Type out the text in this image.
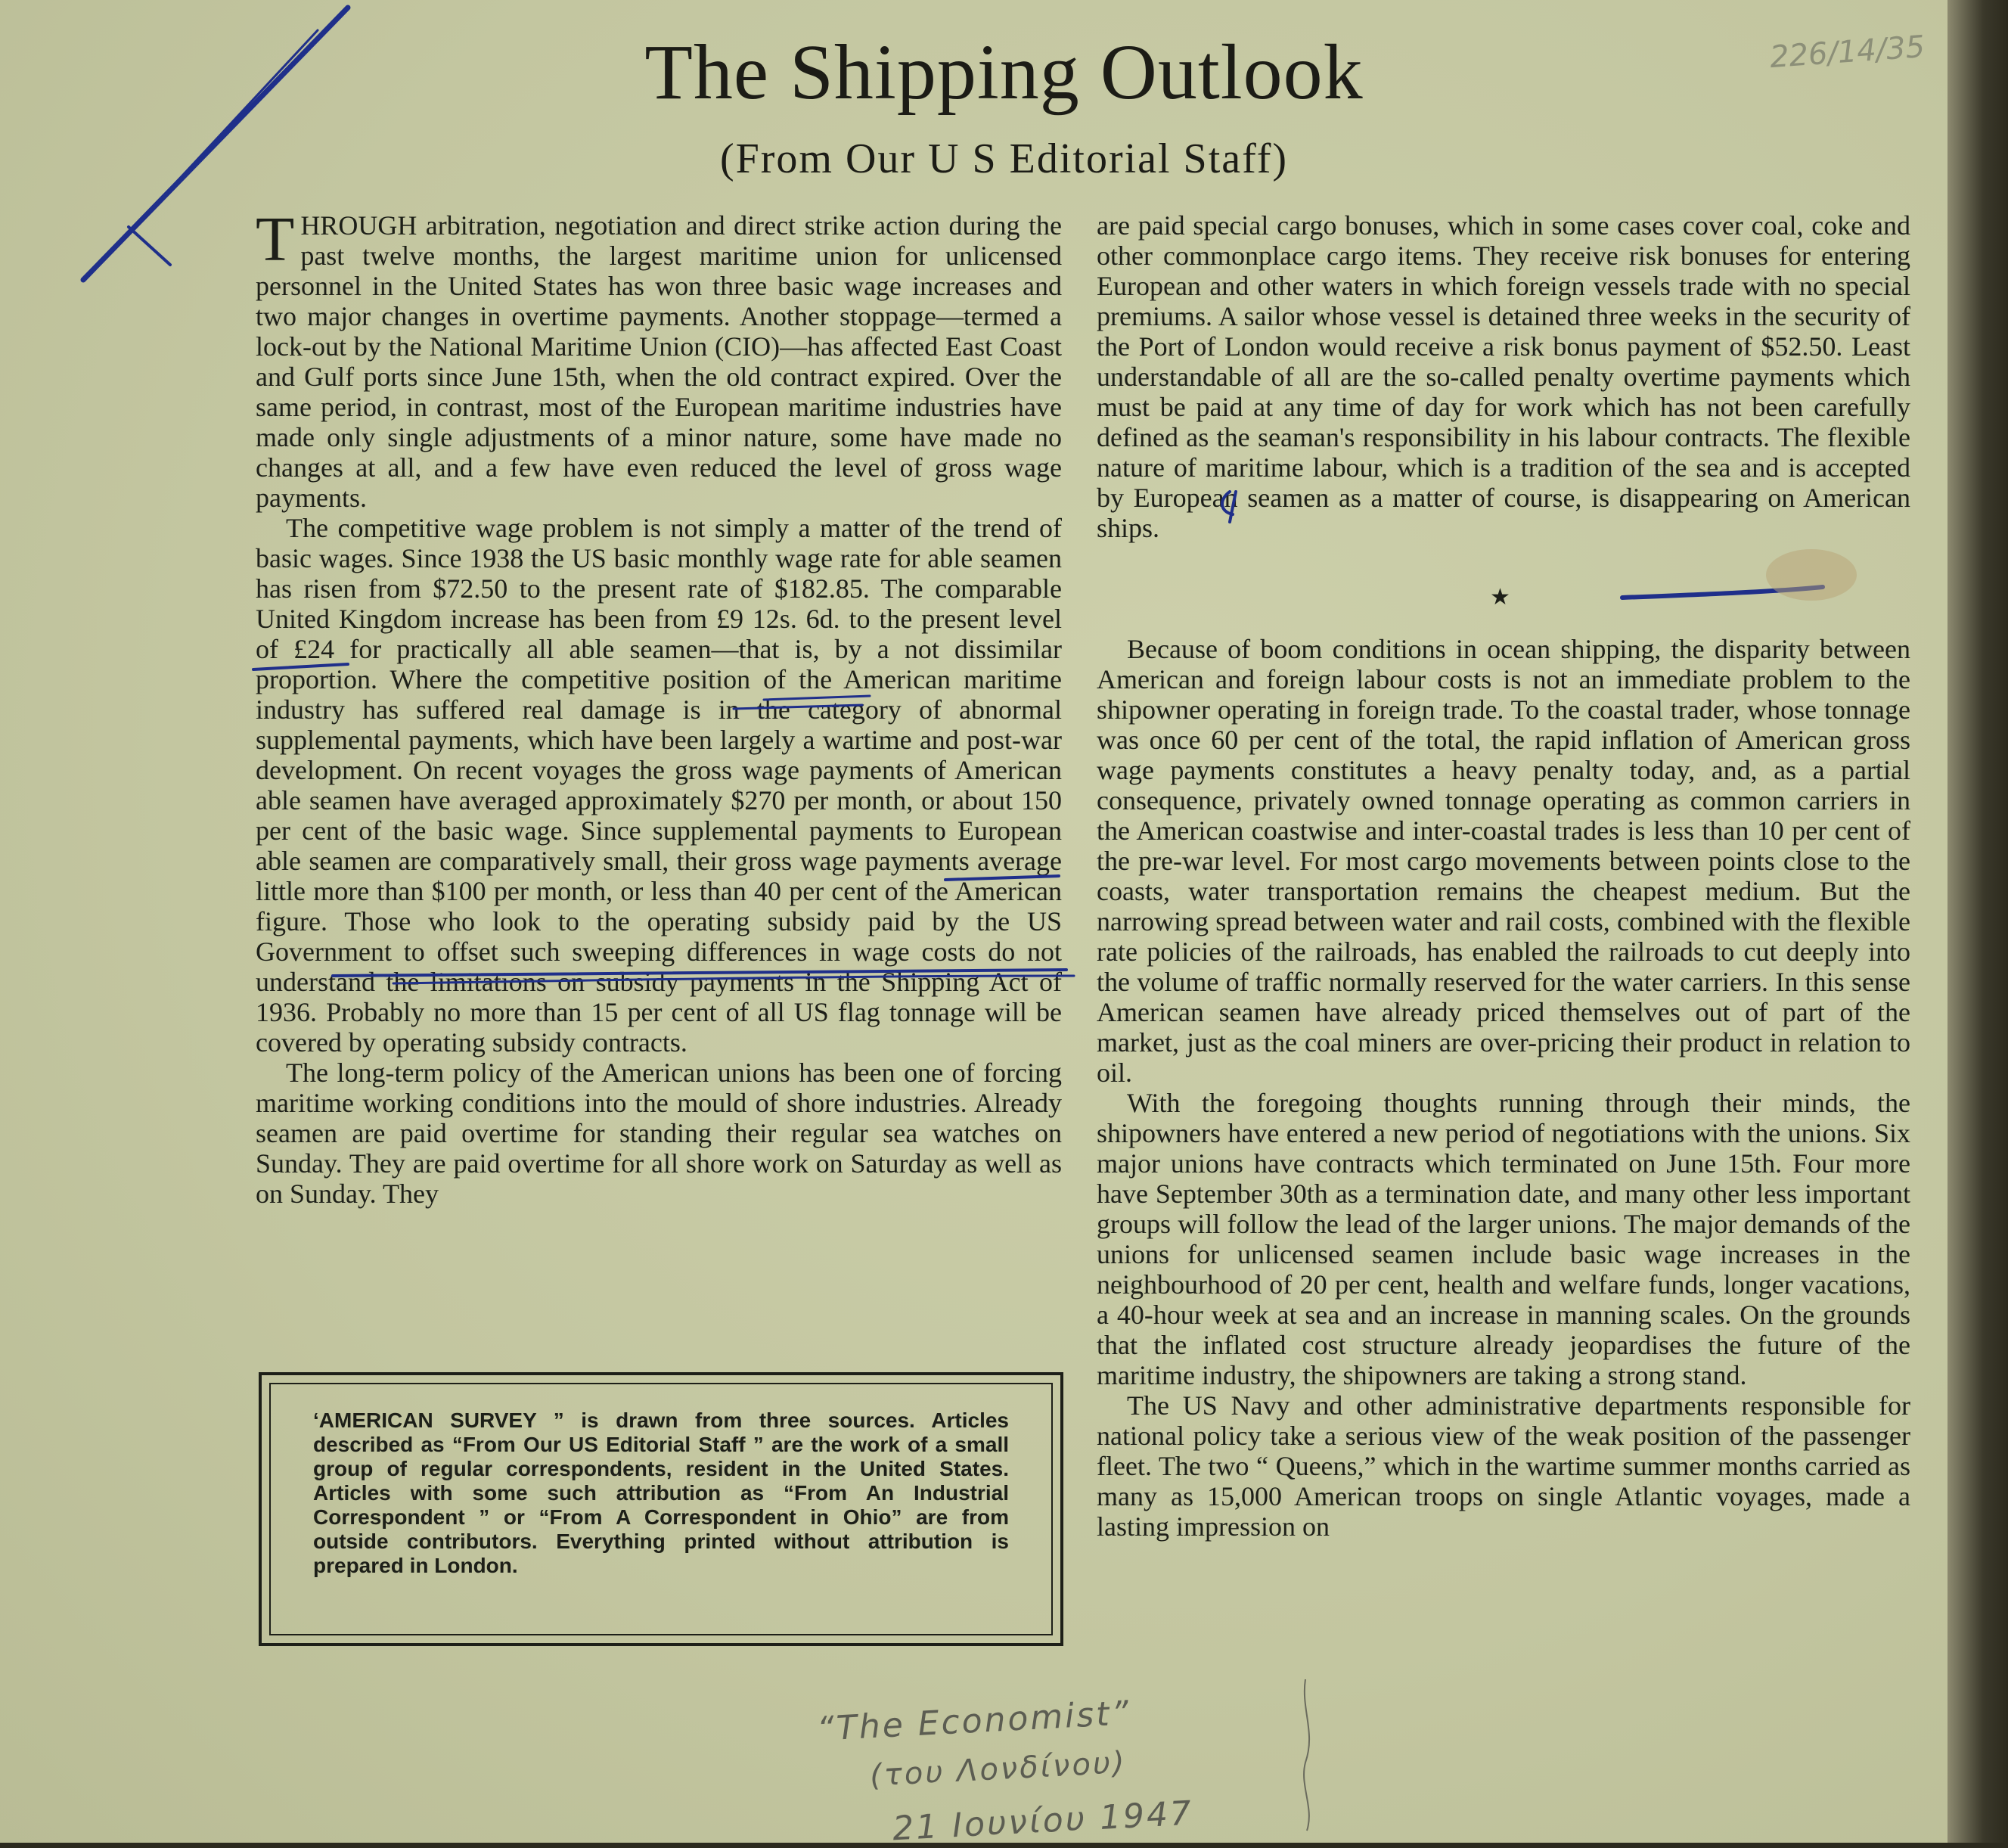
226/14/35
The Shipping Outlook
(From Our U S Editorial Staff)

THROUGH arbitration, negotiation and direct strike action during the past twelve months, the largest maritime union for unlicensed personnel in the United States has won three basic wage increases and two major changes in overtime payments. Another stoppage—termed a lock-out by the National Maritime Union (CIO)—has affected East Coast and Gulf ports since June 15th, when the old contract expired. Over the same period, in contrast, most of the European maritime industries have made only single adjustments of a minor nature, some have made no changes at all, and a few have even reduced the level of gross wage payments.

The competitive wage problem is not simply a matter of the trend of basic wages. Since 1938 the US basic monthly wage rate for able seamen has risen from $72.50 to the present rate of $182.85. The comparable United Kingdom increase has been from £9 12s. 6d. to the present level of £24 for practically all able seamen—that is, by a not dissimilar proportion. Where the competitive position of the American maritime industry has suffered real damage is in the category of abnormal supplemental payments, which have been largely a wartime and post-war development. On recent voyages the gross wage payments of American able seamen have averaged approximately $270 per month, or about 150 per cent of the basic wage. Since supplemental payments to European able seamen are comparatively small, their gross wage payments average little more than $100 per month, or less than 40 per cent of the American figure. Those who look to the operating subsidy paid by the US Government to offset such sweeping differences in wage costs do not understand the limitations on subsidy payments in the Shipping Act of 1936. Probably no more than 15 per cent of all US flag tonnage will be covered by operating subsidy contracts.

The long-term policy of the American unions has been one of forcing maritime working conditions into the mould of shore industries. Already seamen are paid overtime for standing their regular sea watches on Sunday. They are paid overtime for all shore work on Saturday as well as on Sunday. They

are paid special cargo bonuses, which in some cases cover coal, coke and other commonplace cargo items. They receive risk bonuses for entering European and other waters in which foreign vessels trade with no special premiums. A sailor whose vessel is detained three weeks in the security of the Port of London would receive a risk bonus payment of $52.50. Least understandable of all are the so-called penalty overtime payments which must be paid at any time of day for work which has not been carefully defined as the seaman's responsibility in his labour contracts. The flexible nature of maritime labour, which is a tradition of the sea and is accepted by European seamen as a matter of course, is disappearing on American ships.

★

Because of boom conditions in ocean shipping, the disparity between American and foreign labour costs is not an immediate problem to the shipowner operating in foreign trade. To the coastal trader, whose tonnage was once 60 per cent of the total, the rapid inflation of American gross wage payments constitutes a heavy penalty today, and, as a partial consequence, privately owned tonnage operating as common carriers in the American coastwise and inter-coastal trades is less than 10 per cent of the pre-war level. For most cargo movements between points close to the coasts, water transportation remains the cheapest medium. But the narrowing spread between water and rail costs, combined with the flexible rate policies of the railroads, has enabled the railroads to cut deeply into the volume of traffic normally reserved for the water carriers. In this sense American seamen have already priced themselves out of part of the market, just as the coal miners are over-pricing their product in relation to oil.

With the foregoing thoughts running through their minds, the shipowners have entered a new period of negotiations with the unions. Six major unions have contracts which terminated on June 15th. Four more have September 30th as a termination date, and many other less important groups will follow the lead of the larger unions. The major demands of the unions for unlicensed seamen include basic wage increases in the neighbourhood of 20 per cent, health and welfare funds, longer vacations, a 40-hour week at sea and an increase in manning scales. On the grounds that the inflated cost structure already jeopardises the future of the maritime industry, the shipowners are taking a strong stand.

The US Navy and other administrative departments responsible for national policy take a serious view of the weak position of the passenger fleet. The two “ Queens,” which in the wartime summer months carried as many as 15,000 American troops on single Atlantic voyages, made a lasting impression on

‘AMERICAN SURVEY ” is drawn from three sources. Articles described as “From Our US Editorial Staff ” are the work of a small group of regular correspondents, resident in the United States. Articles with some such attribution as “From An Industrial Correspondent ” or “From A Correspondent in Ohio” are from outside contributors. Everything printed without attribution is prepared in London.

“The Economist”
(του Λονδίνου)
21 Ιουνίου 1947
